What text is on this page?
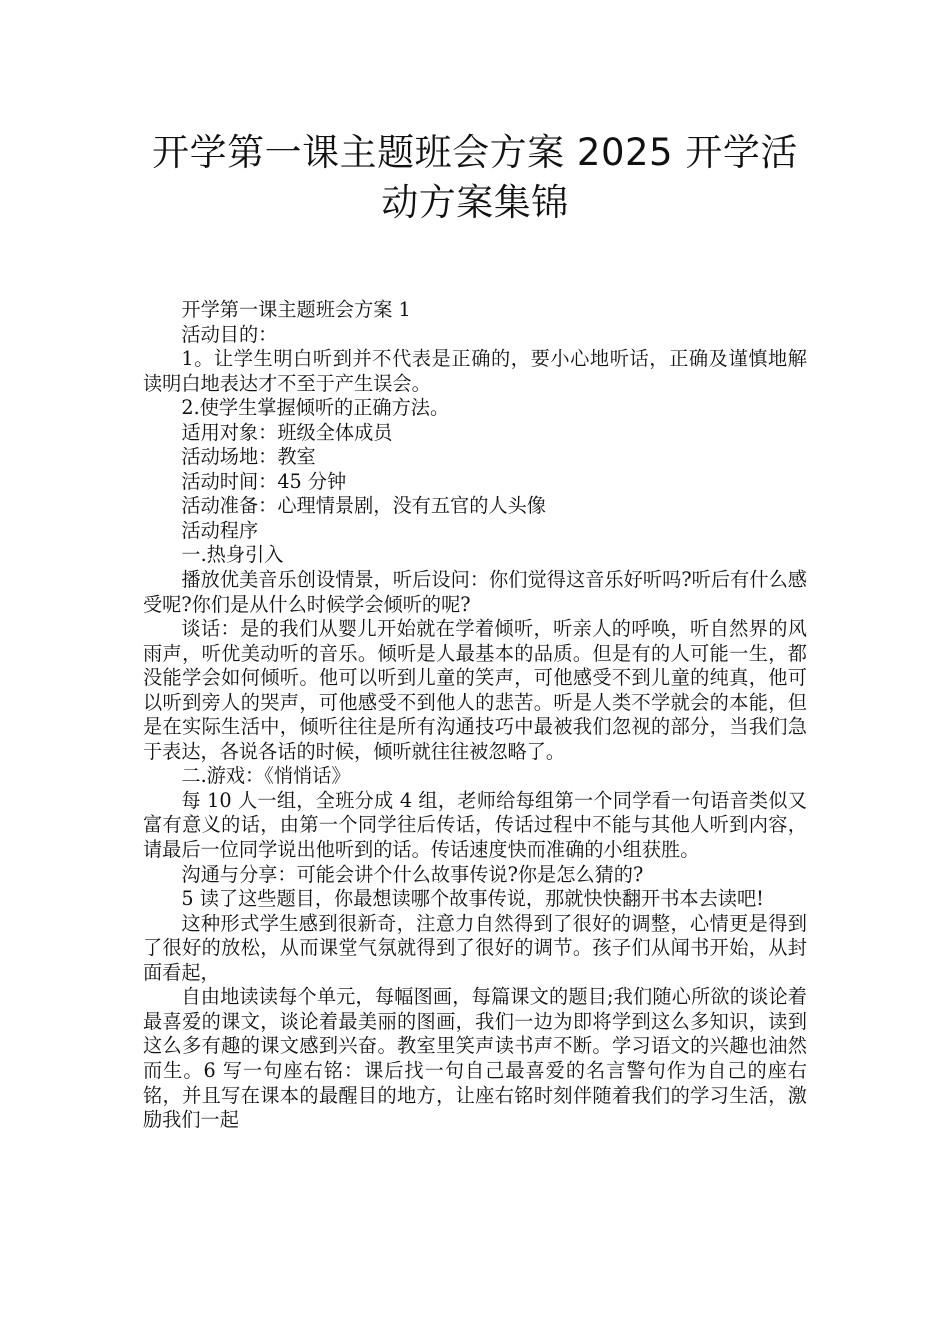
开学第一课主题班会方案 2025 开学活
动方案集锦

开学第一课主题班会方案 1

活动目的：

1。让学生明白听到并不代表是正确的，要小心地听话，正确及谨慎地解读明白地表达才不至于产生误会。

2.使学生掌握倾听的正确方法。

适用对象：班级全体成员

活动场地：教室

活动时间：45 分钟

活动准备：心理情景剧，没有五官的人头像

活动程序

一.热身引入

播放优美音乐创设情景，听后设问：你们觉得这音乐好听吗?听后有什么感受呢?你们是从什么时候学会倾听的呢?

谈话：是的我们从婴儿开始就在学着倾听，听亲人的呼唤，听自然界的风雨声，听优美动听的音乐。倾听是人最基本的品质。但是有的人可能一生，都没能学会如何倾听。他可以听到儿童的笑声，可他感受不到儿童的纯真，他可以听到旁人的哭声，可他感受不到他人的悲苦。听是人类不学就会的本能，但是在实际生活中，倾听往往是所有沟通技巧中最被我们忽视的部分，当我们急于表达，各说各话的时候，倾听就往往被忽略了。

二.游戏：《悄悄话》

每 10 人一组，全班分成 4 组，老师给每组第一个同学看一句语音类似又富有意义的话，由第一个同学往后传话，传话过程中不能与其他人听到内容，请最后一位同学说出他听到的话。传话速度快而准确的小组获胜。

沟通与分享：可能会讲个什么故事传说?你是怎么猜的?

5 读了这些题目，你最想读哪个故事传说，那就快快翻开书本去读吧!

这种形式学生感到很新奇，注意力自然得到了很好的调整，心情更是得到了很好的放松，从而课堂气氛就得到了很好的调节。孩子们从闻书开始，从封面看起，

自由地读读每个单元，每幅图画，每篇课文的题目;我们随心所欲的谈论着最喜爱的课文，谈论着最美丽的图画，我们一边为即将学到这么多知识，读到这么多有趣的课文感到兴奋。教室里笑声读书声不断。学习语文的兴趣也油然而生。6 写一句座右铭：课后找一句自己最喜爱的名言警句作为自己的座右铭，并且写在课本的最醒目的地方，让座右铭时刻伴随着我们的学习生活，激励我们一起
